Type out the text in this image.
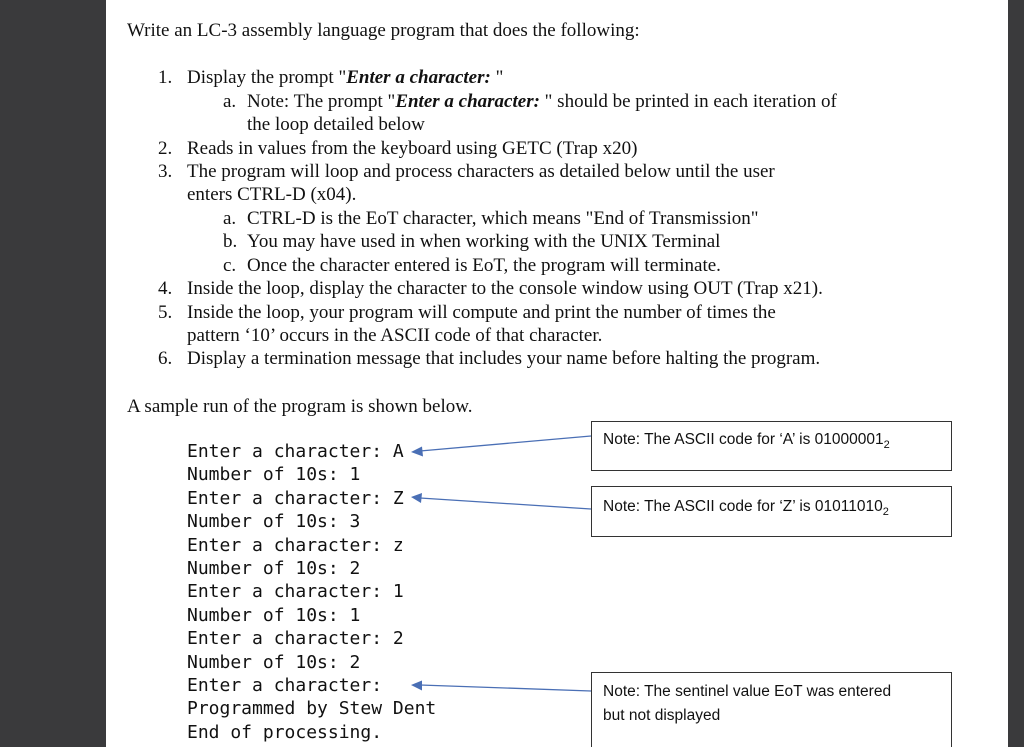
Write an LC-3 assembly language program that does the following:
1. Display the prompt "Enter a character: "
a. Note: The prompt "Enter a character: " should be printed in each iteration of
the loop detailed below
2. Reads in values from the keyboard using GETC (Trap x20)
3. The program will loop and process characters as detailed below until the user
enters CTRL-D (x04).
a. CTRL-D is the EoT character, which means "End of Transmission"
b. You may have used in when working with the UNIX Terminal
c. Once the character entered is EoT, the program will terminate.
4. Inside the loop, display the character to the console window using OUT (Trap x21).
5. Inside the loop, your program will compute and print the number of times the
pattern ‘10’ occurs in the ASCII code of that character.
6. Display a termination message that includes your name before halting the program.
A sample run of the program is shown below.
Enter a character: A
Number of 10s: 1
Enter a character: Z
Number of 10s: 3
Enter a character: z
Number of 10s: 2
Enter a character: 1
Number of 10s: 1
Enter a character: 2
Number of 10s: 2
Enter a character:
Programmed by Stew Dent
End of processing.
Note: The ASCII code for ‘A’ is $01000001_2$
Note: The ASCII code for ‘Z’ is $01011010_2$
Note: The sentinel value EoT was entered
but not displayed
